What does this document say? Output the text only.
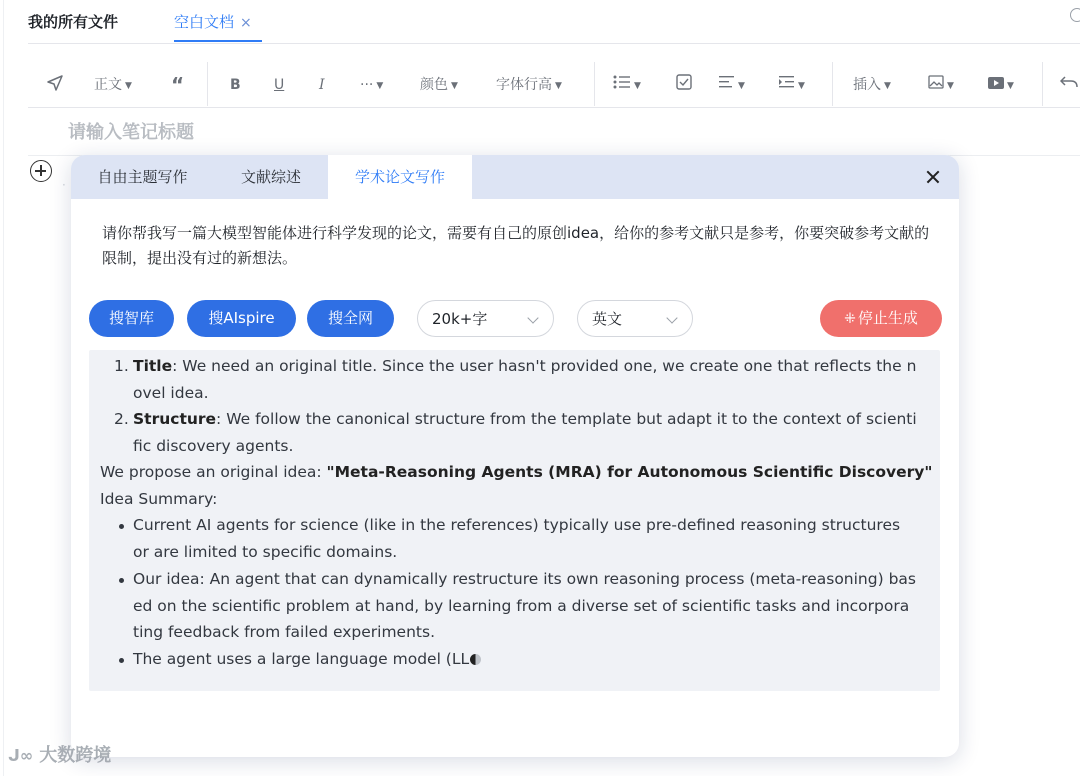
我的所有文件	空白文档 ×
正文 ▼ “	B U I	··· ▼	颜色 ▼	字体行高 ▼	▼	▼	▼	插入 ▼	▼	▼
请输入笔记标题
·	自由主题写作	文献综述	学术论文写作
请你帮我写一篇大模型智能体进行科学发现的论文，需要有自己的原创idea，给你的参考文献只是参考，你要突破参考文献的限制，提出没有过的新想法。
搜智库	搜AIspire	搜全网	20k+字	英文	⁜ 停止生成
1. Title: We need an original title. Since the user hasn't provided one, we create one that reflects the n
ovel idea.
2. Structure: We follow the canonical structure from the template but adapt it to the context of scienti
fic discovery agents.
We propose an original idea: "Meta-Reasoning Agents (MRA) for Autonomous Scientific Discovery"
Idea Summary:
Current AI agents for science (like in the references) typically use pre-defined reasoning structures
or are limited to specific domains.
Our idea: An agent that can dynamically restructure its own reasoning process (meta-reasoning) bas
ed on the scientific problem at hand, by learning from a diverse set of scientific tasks and incorpora
ting feedback from failed experiments.
The agent uses a large language model (LL
ᒍ∞ 大数跨境
